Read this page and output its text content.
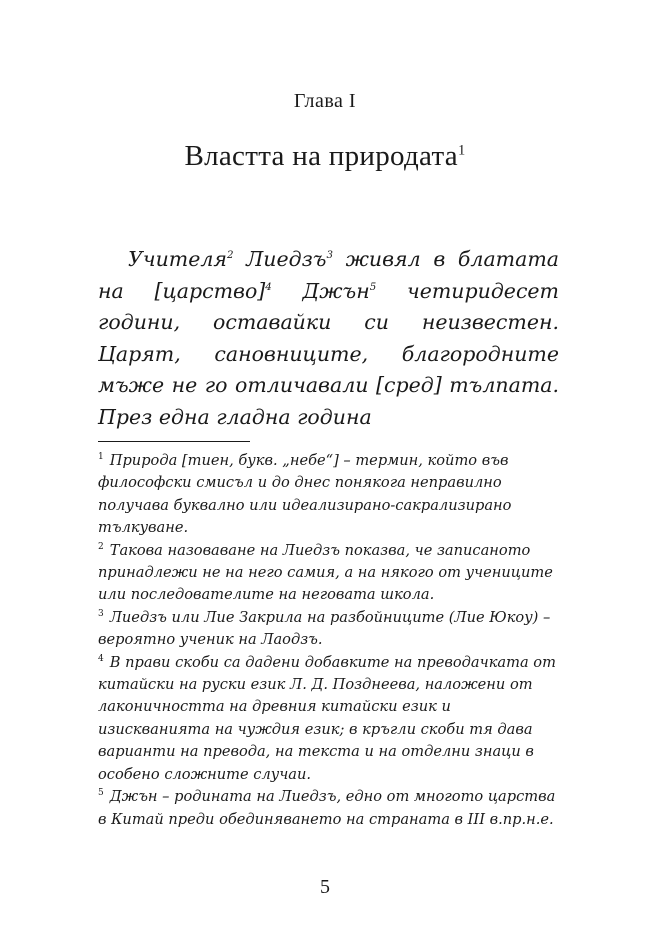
Глава I
Властта на природата$^1$

Учителя$^2$ Лиедзъ$^3$ живял в блатата на [царство]$^4$ Джън$^5$ четиридесет години, оставайки си неизвестен. Царят, сановниците, благородните мъже не го отличавали [сред] тълпата. През една гладна година

$^1$ Природа [тиен, букв. „небе“] – термин, който във философски смисъл и до днес понякога неправилно получава буквално или идеализирано-сакрализирано тълкуване.

$^2$ Такова назоваване на Лиедзъ показва, че записаното принадлежи не на него самия, а на някого от учениците или последователите на неговата школа.

$^3$ Лиедзъ или Лие Закрила на разбойниците (Лие Юкоу) – вероятно ученик на Лаодзъ.

$^4$ В прави скоби са дадени добавките на преводачката от китайски на руски език Л. Д. Позднеева, наложени от лаконичността на древния китайски език и изискванията на чуждия език; в кръгли скоби тя дава варианти на превода, на текста и на отделни знаци в особено сложните случаи.

$^5$ Джън – родината на Лиедзъ, едно от многото царства в Китай преди обединяването на страната в III в.пр.н.е.

5
